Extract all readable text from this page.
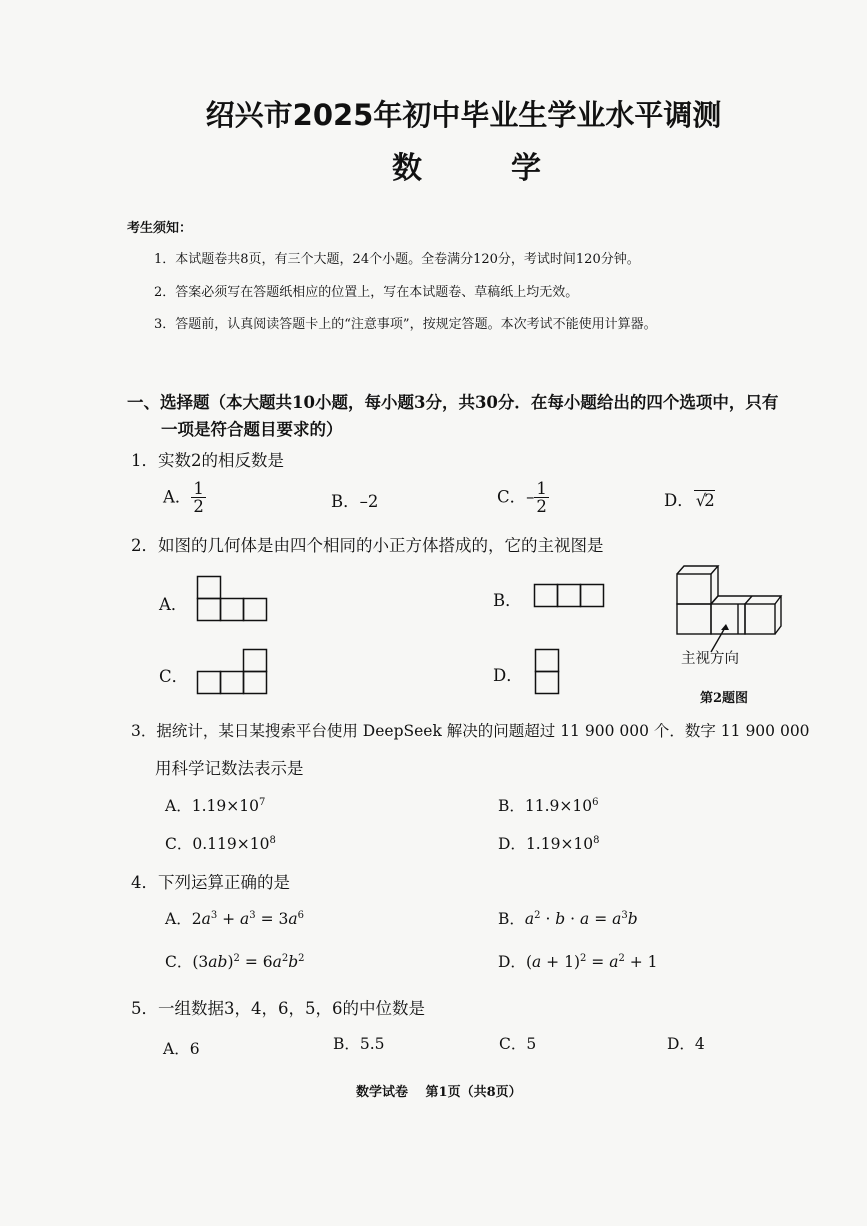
绍兴市2025年初中毕业生学业水平调测
数	学
考生须知：
1．本试题卷共8页，有三个大题，24个小题。全卷满分120分，考试时间120分钟。
2．答案必须写在答题纸相应的位置上，写在本试题卷、草稿纸上均无效。
3．答题前，认真阅读答题卡上的“注意事项”，按规定答题。本次考试不能使用计算器。
一、选择题（本大题共10小题，每小题3分，共30分．在每小题给出的四个选项中，只有
一项是符合题目要求的）
1．实数2的相反数是
A． $\frac{1}{2}$	B．–2	C．– $\frac{1}{2}$	D． √2
2．如图的几何体是由四个相同的小正方体搭成的，它的主视图是
A．	B．
C．	D．
主视方向
第2题图
3．据统计，某日某搜索平台使用 DeepSeek 解决的问题超过 11 900 000 个．数字 11 900 000
用科学记数法表示是
A．$1.19\times 10^7$	B．$11.9\times 10^6$
C．$0.119\times 10^8$	D．$1.19\times 10^8$
4．下列运算正确的是
A．$2a^3 + a^3 = 3a^6$	B．$a^2 \cdot b \cdot a = a^3b$
C．$(3ab)^2 = 6a^2b^2$	D．$(a + 1)^2 = a^2 + 1$
5．一组数据3，4，6，5，6的中位数是
A．6	B．5.5	C．5	D．4
数学试卷　 第1页（共8页）
